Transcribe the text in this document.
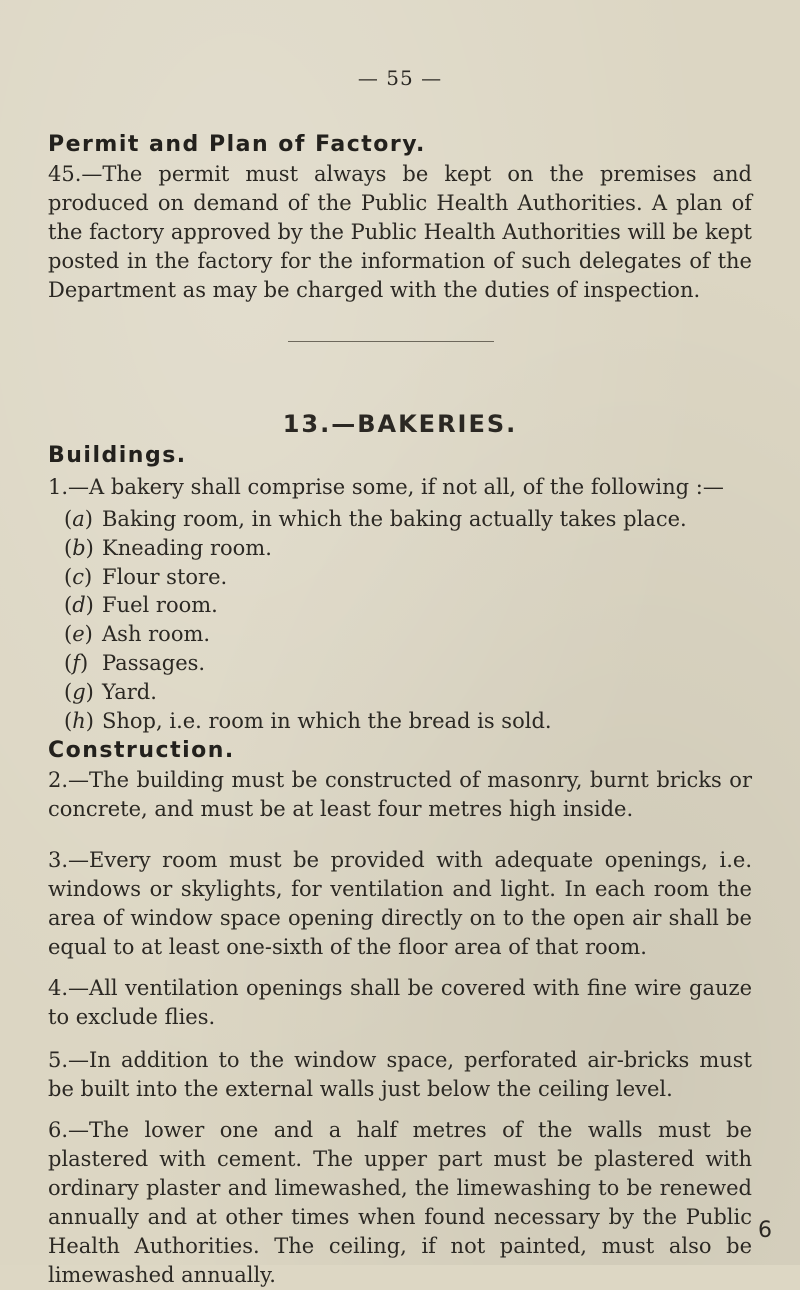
— 55 —
Permit and Plan of Factory.
45.—The permit must always be kept on the premises and produced on demand of the Public Health Authorities. A plan of the factory approved by the Public Health Authorities will be kept posted in the factory for the information of such delegates of the Department as may be charged with the duties of inspection.
13.—BAKERIES.
Buildings.
1.—A bakery shall comprise some, if not all, of the following :—
(a) Baking room, in which the baking actually takes place.
(b) Kneading room.
(c) Flour store.
(d) Fuel room.
(e) Ash room.
(f) Passages.
(g) Yard.
(h) Shop, i.e. room in which the bread is sold.
Construction.
2.—The building must be constructed of masonry, burnt bricks or concrete, and must be at least four metres high inside.
3.—Every room must be provided with adequate openings, i.e. windows or skylights, for ventilation and light. In each room the area of window space opening directly on to the open air shall be equal to at least one-sixth of the floor area of that room.
4.—All ventilation openings shall be covered with fine wire gauze to exclude flies.
5.—In addition to the window space, perforated air-bricks must be built into the external walls just below the ceiling level.
6.—The lower one and a half metres of the walls must be plastered with cement. The upper part must be plastered with ordinary plaster and limewashed, the limewashing to be renewed annually and at other times when found necessary by the Public Health Authorities. The ceiling, if not painted, must also be limewashed annually.
6
